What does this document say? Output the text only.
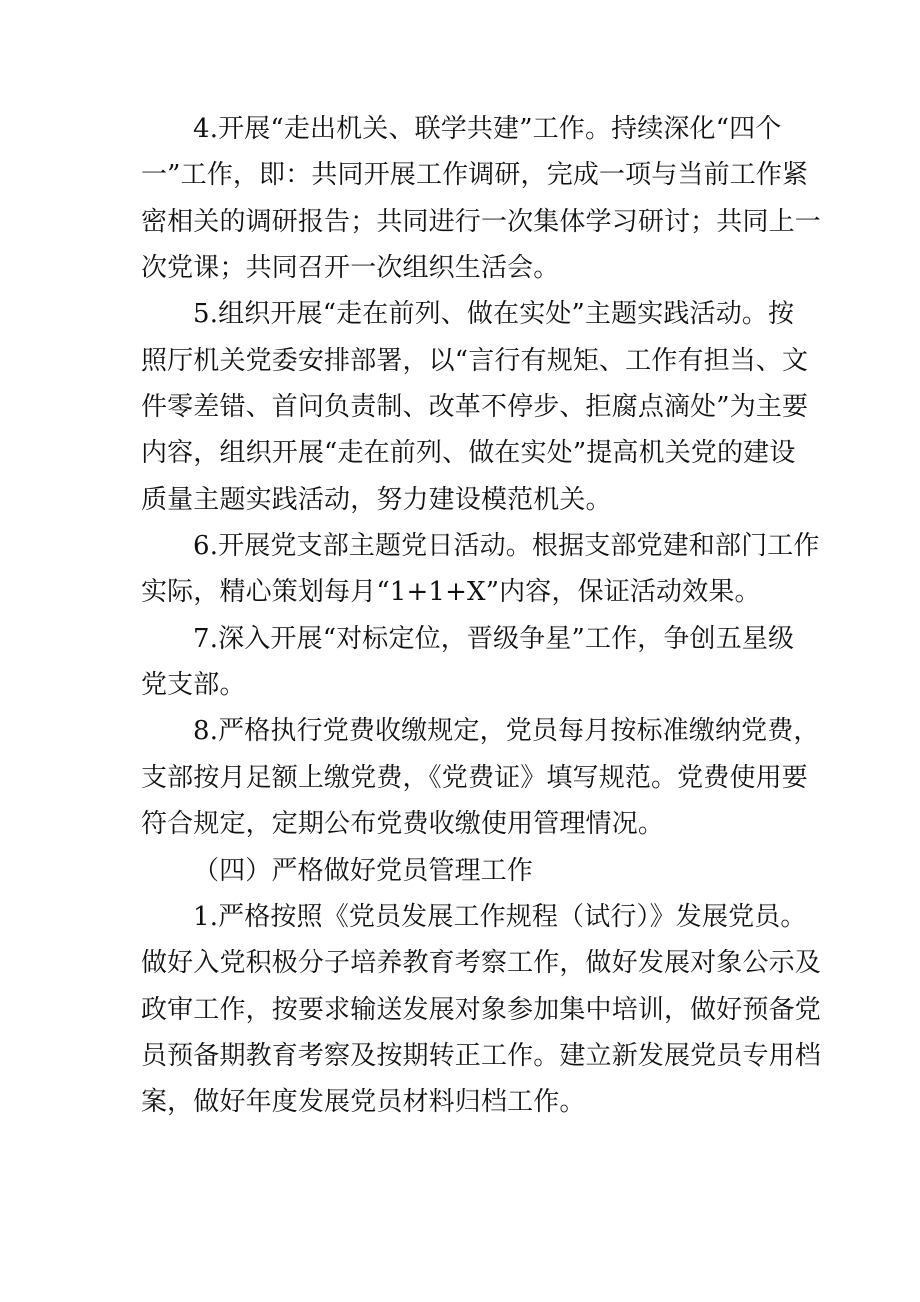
4.开展“走出机关、联学共建”工作。持续深化“四个
一”工作，即：共同开展工作调研，完成一项与当前工作紧
密相关的调研报告；共同进行一次集体学习研讨；共同上一
次党课；共同召开一次组织生活会。
5.组织开展“走在前列、做在实处”主题实践活动。按
照厅机关党委安排部署，以“言行有规矩、工作有担当、文
件零差错、首问负责制、改革不停步、拒腐点滴处”为主要
内容，组织开展“走在前列、做在实处”提高机关党的建设
质量主题实践活动，努力建设模范机关。
6.开展党支部主题党日活动。根据支部党建和部门工作
实际，精心策划每月“1+1+X”内容，保证活动效果。
7.深入开展“对标定位，晋级争星”工作，争创五星级
党支部。
8.严格执行党费收缴规定，党员每月按标准缴纳党费，
支部按月足额上缴党费，《党费证》填写规范。党费使用要
符合规定，定期公布党费收缴使用管理情况。
（四）严格做好党员管理工作
1.严格按照《党员发展工作规程（试行）》发展党员。
做好入党积极分子培养教育考察工作，做好发展对象公示及
政审工作，按要求输送发展对象参加集中培训，做好预备党
员预备期教育考察及按期转正工作。建立新发展党员专用档
案，做好年度发展党员材料归档工作。
